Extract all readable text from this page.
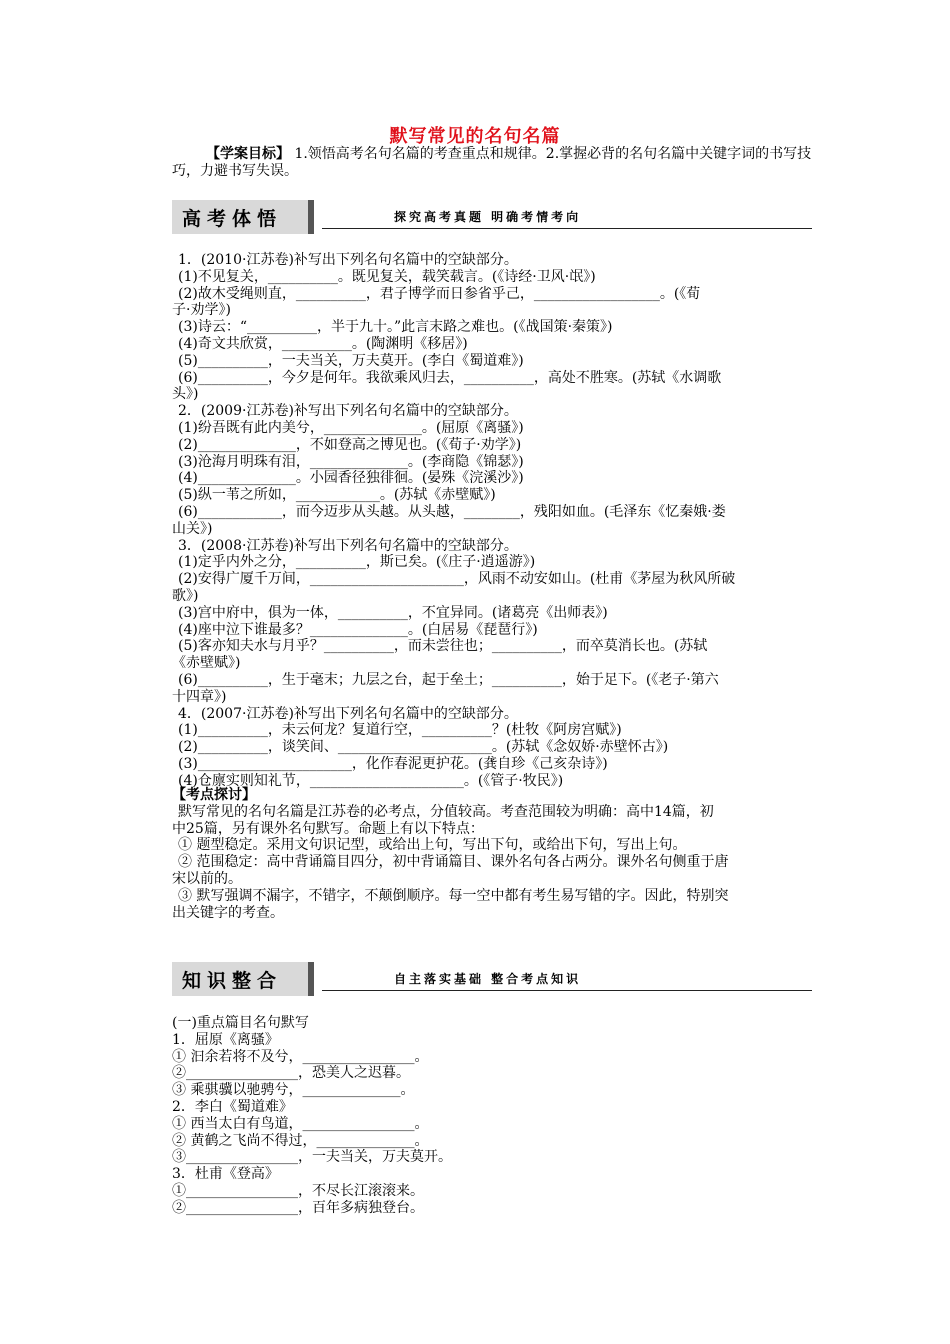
默写常见的名句名篇
【学案目标】 1.领悟高考名句名篇的考查重点和规律。2.掌握必背的名句名篇中关键字词的书写技巧，力避书写失误。
高考体悟	探究高考真题 明确考情考向
1．(2010·江苏卷)补写出下列名句名篇中的空缺部分。
(1)不见复关，__________。既见复关，载笑载言。(《诗经·卫风·氓》)
(2)故木受绳则直，__________，君子博学而日参省乎己，__________________。(《荀
子·劝学》)
(3)诗云：“__________，半于九十。”此言末路之难也。(《战国策·秦策》)
(4)奇文共欣赏，__________。(陶渊明《移居》)
(5)__________，一夫当关，万夫莫开。(李白《蜀道难》)
(6)__________，今夕是何年。我欲乘风归去，__________，高处不胜寒。(苏轼《水调歌
头》)
2．(2009·江苏卷)补写出下列名句名篇中的空缺部分。
(1)纷吾既有此内美兮，______________。(屈原《离骚》)
(2)______________，不如登高之博见也。(《荀子·劝学》)
(3)沧海月明珠有泪，______________。(李商隐《锦瑟》)
(4)______________。小园香径独徘徊。(晏殊《浣溪沙》)
(5)纵一苇之所如，____________。(苏轼《赤壁赋》)
(6)____________，而今迈步从头越。从头越，________，残阳如血。(毛泽东《忆秦娥·娄
山关》)
3．(2008·江苏卷)补写出下列名句名篇中的空缺部分。
(1)定乎内外之分，__________，斯已矣。(《庄子·逍遥游》)
(2)安得广厦千万间，______________________，风雨不动安如山。(杜甫《茅屋为秋风所破
歌》)
(3)宫中府中，俱为一体，__________，不宜异同。(诸葛亮《出师表》)
(4)座中泣下谁最多？______________。(白居易《琵琶行》)
(5)客亦知夫水与月乎？__________，而未尝往也；__________，而卒莫消长也。(苏轼
《赤壁赋》)
(6)__________，生于毫末；九层之台，起于垒土；__________，始于足下。(《老子·第六
十四章》)
4．(2007·江苏卷)补写出下列名句名篇中的空缺部分。
(1)__________，未云何龙？复道行空，__________？(杜牧《阿房宫赋》)
(2)__________，谈笑间、______________________。(苏轼《念奴娇·赤壁怀古》)
(3)______________________，化作春泥更护花。(龚自珍《己亥杂诗》)
(4)仓廪实则知礼节，______________________。(《管子·牧民》)
【考点探讨】
默写常见的名句名篇是江苏卷的必考点，分值较高。考查范围较为明确：高中14篇，初
中25篇，另有课外名句默写。命题上有以下特点：
① 题型稳定。采用文句识记型，或给出上句，写出下句，或给出下句，写出上句。
② 范围稳定：高中背诵篇目四分，初中背诵篇目、课外名句各占两分。课外名句侧重于唐
宋以前的。
③ 默写强调不漏字，不错字，不颠倒顺序。每一空中都有考生易写错的字。因此，特别突
出关键字的考查。
知识整合	自主落实基础 整合考点知识
(一)重点篇目名句默写
1．屈原《离骚》
① 汩余若将不及兮，________________。
②________________，恐美人之迟暮。
③ 乘骐骥以驰骋兮，______________。
2．李白《蜀道难》
① 西当太白有鸟道，________________。
② 黄鹤之飞尚不得过，______________。
③________________，一夫当关，万夫莫开。
3．杜甫《登高》
①________________，不尽长江滚滚来。
②________________，百年多病独登台。
